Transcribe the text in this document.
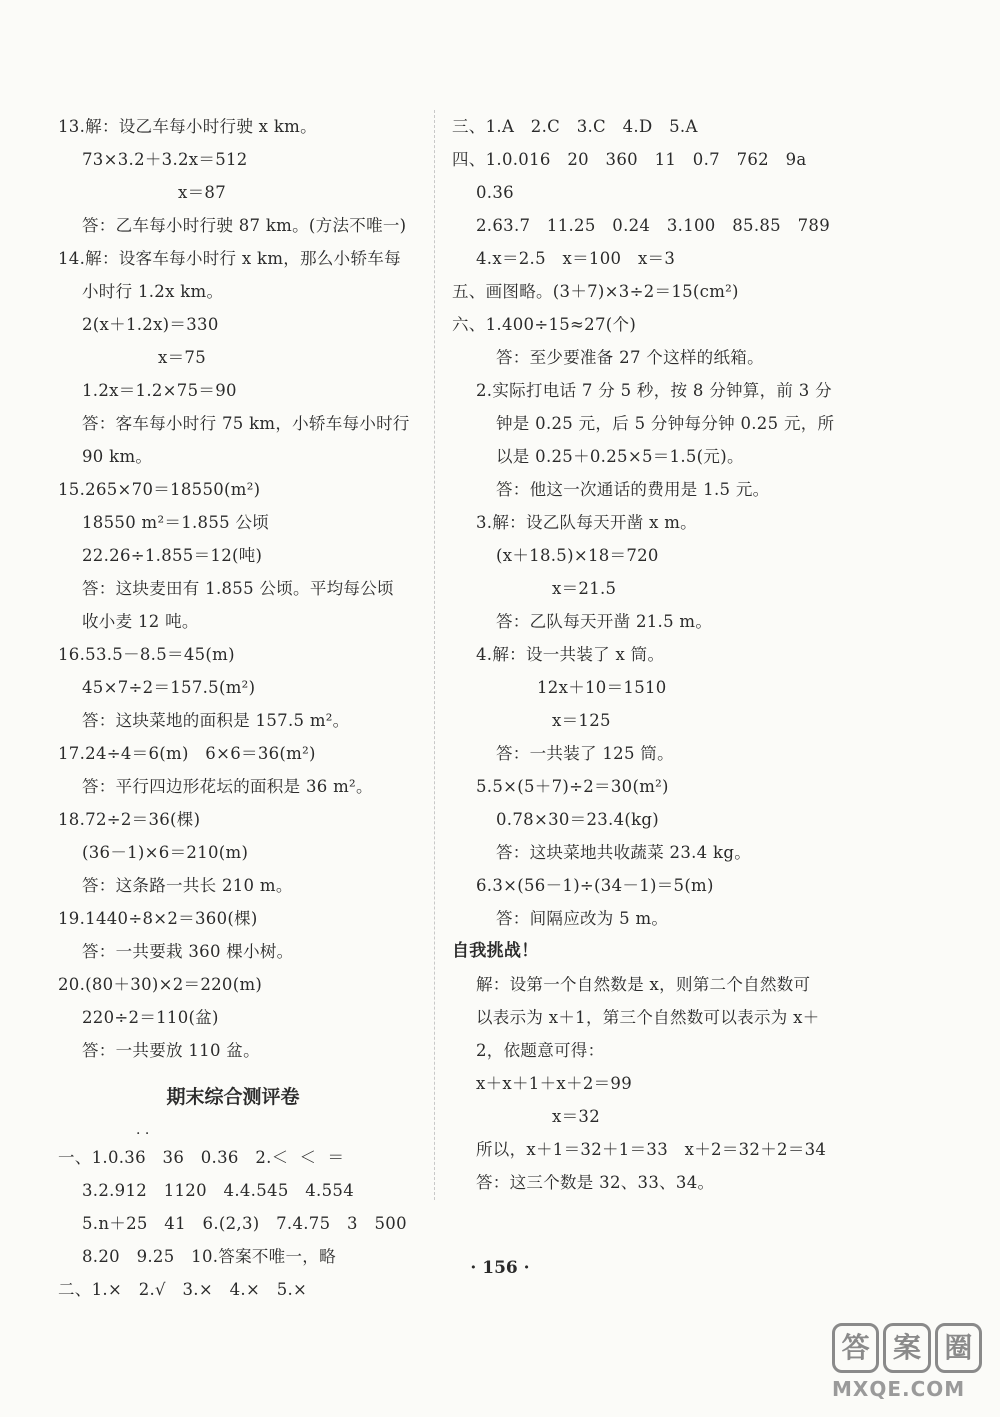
13.解：设乙车每小时行驶 x km。
73×3.2＋3.2x＝512
x＝87
答：乙车每小时行驶 87 km。(方法不唯一)
14.解：设客车每小时行 x km，那么小轿车每
小时行 1.2x km。
2(x＋1.2x)＝330
x＝75
1.2x＝1.2×75＝90
答：客车每小时行 75 km，小轿车每小时行
90 km。
15.265×70＝18550(m²)
18550 m²＝1.855 公顷
22.26÷1.855＝12(吨)
答：这块麦田有 1.855 公顷。平均每公顷
收小麦 12 吨。
16.53.5－8.5＝45(m)
45×7÷2＝157.5(m²)
答：这块菜地的面积是 157.5 m²。
17.24÷4＝6(m)   6×6＝36(m²)
答：平行四边形花坛的面积是 36 m²。
18.72÷2＝36(棵)
(36－1)×6＝210(m)
答：这条路一共长 210 m。
19.1440÷8×2＝360(棵)
答：一共要栽 360 棵小树。
20.(80＋30)×2＝220(m)
220÷2＝110(盆)
答：一共要放 110 盆。
期末综合测评卷
· ·
一、1.0.36   36   0.36   2.＜  ＜  ＝
3.2.912   1120   4.4.545   4.554
5.n＋25   41   6.(2,3)   7.4.75   3   500
8.20   9.25   10.答案不唯一，略
二、1.×   2.√   3.×   4.×   5.×
三、1.A   2.C   3.C   4.D   5.A
四、1.0.016   20   360   11   0.7   762   9a
0.36
2.63.7   11.25   0.24   3.100   85.85   789
4.x＝2.5   x＝100   x＝3
五、画图略。(3＋7)×3÷2＝15(cm²)
六、1.400÷15≈27(个)
答：至少要准备 27 个这样的纸箱。
2.实际打电话 7 分 5 秒，按 8 分钟算，前 3 分
钟是 0.25 元，后 5 分钟每分钟 0.25 元，所
以是 0.25＋0.25×5＝1.5(元)。
答：他这一次通话的费用是 1.5 元。
3.解：设乙队每天开凿 x m。
(x＋18.5)×18＝720
x＝21.5
答：乙队每天开凿 21.5 m。
4.解：设一共装了 x 筒。
12x＋10＝1510
x＝125
答：一共装了 125 筒。
5.5×(5＋7)÷2＝30(m²)
0.78×30＝23.4(kg)
答：这块菜地共收蔬菜 23.4 kg。
6.3×(56－1)÷(34－1)＝5(m)
答：间隔应改为 5 m。
自我挑战！
解：设第一个自然数是 x，则第二个自然数可
以表示为 x＋1，第三个自然数可以表示为 x＋
2，依题意可得：
x＋x＋1＋x＋2＝99
x＝32
所以，x＋1＝32＋1＝33   x＋2＝32＋2＝34
答：这三个数是 32、33、34。
· 156 ·
答 案 圈
MXQE.COM
